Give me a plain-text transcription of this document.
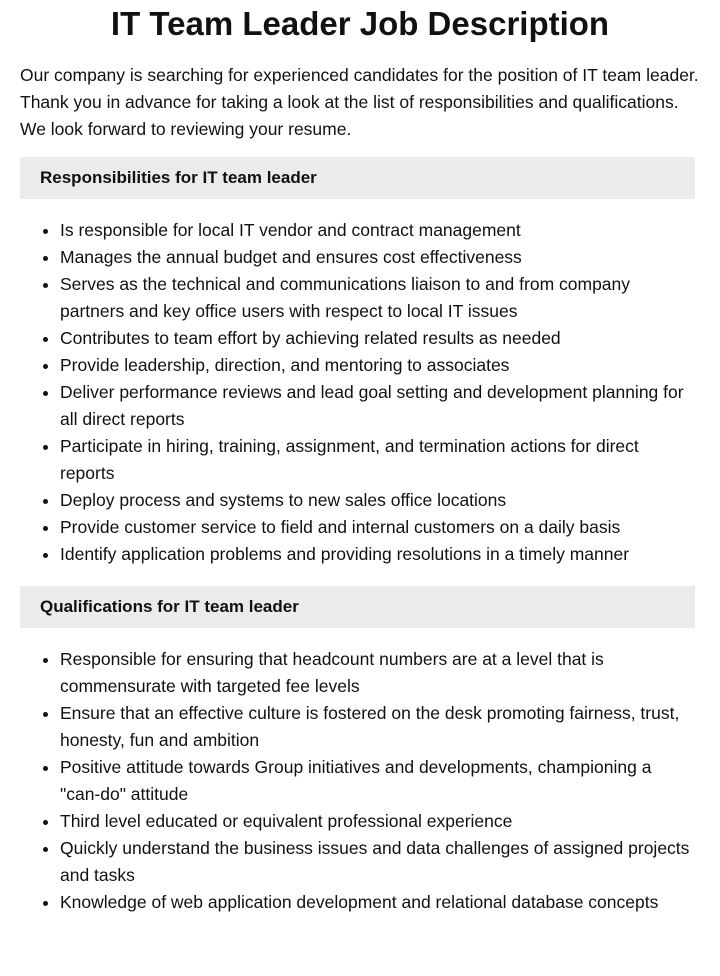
IT Team Leader Job Description

Our company is searching for experienced candidates for the position of IT team leader. Thank you in advance for taking a look at the list of responsibilities and qualifications. We look forward to reviewing your resume.

Responsibilities for IT team leader
• Is responsible for local IT vendor and contract management
• Manages the annual budget and ensures cost effectiveness
• Serves as the technical and communications liaison to and from company partners and key office users with respect to local IT issues
• Contributes to team effort by achieving related results as needed
• Provide leadership, direction, and mentoring to associates
• Deliver performance reviews and lead goal setting and development planning for all direct reports
• Participate in hiring, training, assignment, and termination actions for direct reports
• Deploy process and systems to new sales office locations
• Provide customer service to field and internal customers on a daily basis
• Identify application problems and providing resolutions in a timely manner
Qualifications for IT team leader
• Responsible for ensuring that headcount numbers are at a level that is commensurate with targeted fee levels
• Ensure that an effective culture is fostered on the desk promoting fairness, trust, honesty, fun and ambition
• Positive attitude towards Group initiatives and developments, championing a "can-do" attitude
• Third level educated or equivalent professional experience
• Quickly understand the business issues and data challenges of assigned projects and tasks
• Knowledge of web application development and relational database concepts
